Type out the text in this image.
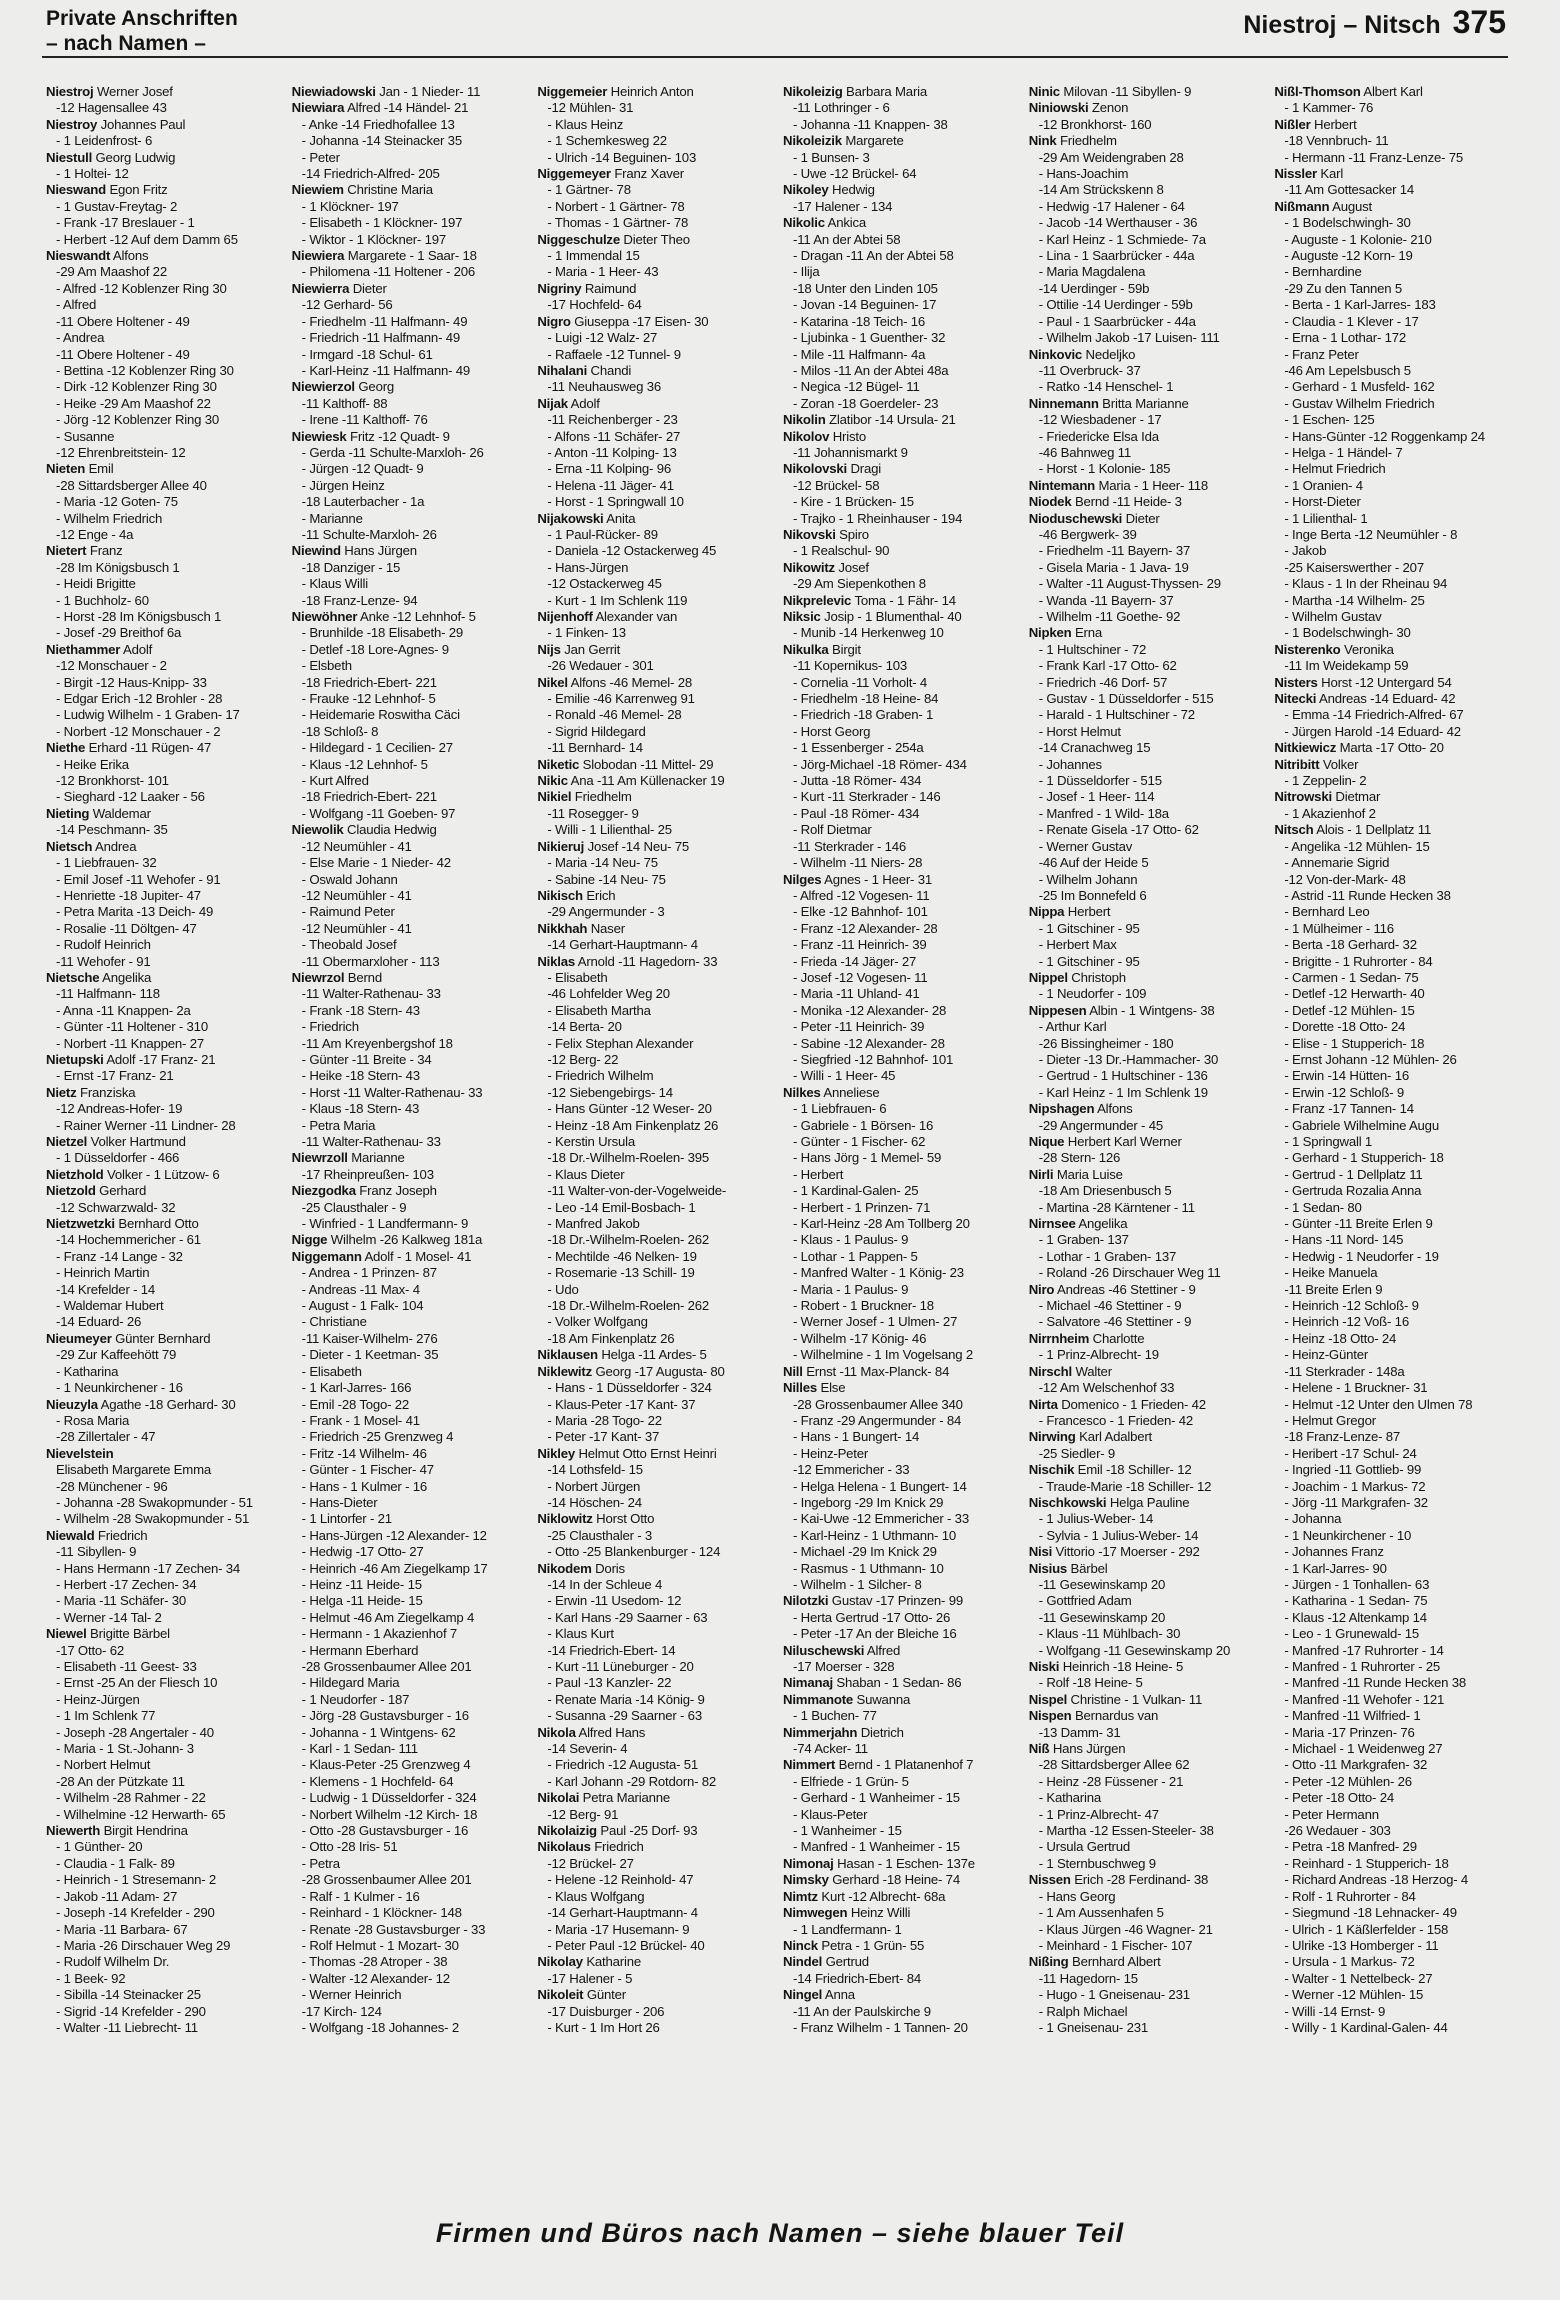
Private Anschriften
– nach Namen –
Niestroj – Nitsch 375
Niestroj Werner Josef
-12 Hagensallee 43
Niestroy Johannes Paul
- 1 Leidenfrost- 6
Niestull Georg Ludwig
- 1 Holtei- 12
Nieswand Egon Fritz
- 1 Gustav-Freytag- 2
- Frank -17 Breslauer - 1
- Herbert -12 Auf dem Damm 65
Nieswandt Alfons
-29 Am Maashof 22
- Alfred -12 Koblenzer Ring 30
- Alfred
-11 Obere Holtener - 49
- Andrea
-11 Obere Holtener - 49
- Bettina -12 Koblenzer Ring 30
- Dirk -12 Koblenzer Ring 30
- Heike -29 Am Maashof 22
- Jörg -12 Koblenzer Ring 30
- Susanne
-12 Ehrenbreitstein- 12
Nieten Emil
-28 Sittardsberger Allee 40
- Maria -12 Goten- 75
- Wilhelm Friedrich
-12 Enge - 4a
Nietert Franz
-28 Im Königsbusch 1
- Heidi Brigitte
- 1 Buchholz- 60
- Horst -28 Im Königsbusch 1
- Josef -29 Breithof 6a
Niethammer Adolf
-12 Monschauer - 2
- Birgit -12 Haus-Knipp- 33
- Edgar Erich -12 Brohler - 28
- Ludwig Wilhelm - 1 Graben- 17
- Norbert -12 Monschauer - 2
Niethe Erhard -11 Rügen- 47
- Heike Erika
-12 Bronkhorst- 101
- Sieghard -12 Laaker - 56
Nieting Waldemar
-14 Peschmann- 35
Nietsch Andrea
- 1 Liebfrauen- 32
- Emil Josef -11 Wehofer - 91
- Henriette -18 Jupiter- 47
- Petra Marita -13 Deich- 49
- Rosalie -11 Döltgen- 47
- Rudolf Heinrich
-11 Wehofer - 91
Nietsche Angelika
-11 Halfmann- 118
- Anna -11 Knappen- 2a
- Günter -11 Holtener - 310
- Norbert -11 Knappen- 27
Nietupski Adolf -17 Franz- 21
- Ernst -17 Franz- 21
Nietz Franziska
-12 Andreas-Hofer- 19
- Rainer Werner -11 Lindner- 28
Nietzel Volker Hartmund
- 1 Düsseldorfer - 466
Nietzhold Volker - 1 Lützow- 6
Nietzold Gerhard
-12 Schwarzwald- 32
Nietzwetzki Bernhard Otto
-14 Hochemmericher - 61
- Franz -14 Lange - 32
- Heinrich Martin
-14 Krefelder - 14
- Waldemar Hubert
-14 Eduard- 26
Nieumeyer Günter Bernhard
-29 Zur Kaffeehött 79
- Katharina
- 1 Neunkirchener - 16
Nieuzyla Agathe -18 Gerhard- 30
- Rosa Maria
-28 Zillertaler - 47
Nievelstein
Elisabeth Margarete Emma
-28 Münchener - 96
- Johanna -28 Swakopmunder - 51
- Wilhelm -28 Swakopmunder - 51
Niewald Friedrich
-11 Sibyllen- 9
- Hans Hermann -17 Zechen- 34
- Herbert -17 Zechen- 34
- Maria -11 Schäfer- 30
- Werner -14 Tal- 2
Niewel Brigitte Bärbel
-17 Otto- 62
- Elisabeth -11 Geest- 33
- Ernst -25 An der Fliesch 10
- Heinz-Jürgen
- 1 Im Schlenk 77
- Joseph -28 Angertaler - 40
- Maria - 1 St.-Johann- 3
- Norbert Helmut
-28 An der Pützkate 11
- Wilhelm -28 Rahmer - 22
- Wilhelmine -12 Herwarth- 65
Niewerth Birgit Hendrina
- 1 Günther- 20
- Claudia - 1 Falk- 89
- Heinrich - 1 Stresemann- 2
- Jakob -11 Adam- 27
- Joseph -14 Krefelder - 290
- Maria -11 Barbara- 67
- Maria -26 Dirschauer Weg 29
- Rudolf Wilhelm Dr.
- 1 Beek- 92
- Sibilla -14 Steinacker 25
- Sigrid -14 Krefelder - 290
- Walter -11 Liebrecht- 11
Niewiadowski Jan - 1 Nieder- 11
Niewiara Alfred -14 Händel- 21
- Anke -14 Friedhofallee 13
- Johanna -14 Steinacker 35
- Peter
-14 Friedrich-Alfred- 205
Niewiem Christine Maria
- 1 Klöckner- 197
- Elisabeth - 1 Klöckner- 197
- Wiktor - 1 Klöckner- 197
Niewiera Margarete - 1 Saar- 18
- Philomena -11 Holtener - 206
Niewierra Dieter
-12 Gerhard- 56
- Friedhelm -11 Halfmann- 49
- Friedrich -11 Halfmann- 49
- Irmgard -18 Schul- 61
- Karl-Heinz -11 Halfmann- 49
Niewierzol Georg
-11 Kalthoff- 88
- Irene -11 Kalthoff- 76
Niewiesk Fritz -12 Quadt- 9
- Gerda -11 Schulte-Marxloh- 26
- Jürgen -12 Quadt- 9
- Jürgen Heinz
-18 Lauterbacher - 1a
- Marianne
-11 Schulte-Marxloh- 26
Niewind Hans Jürgen
-18 Danziger - 15
- Klaus Willi
-18 Franz-Lenze- 94
Niewöhner Anke -12 Lehnhof- 5
- Brunhilde -18 Elisabeth- 29
- Detlef -18 Lore-Agnes- 9
- Elsbeth
-18 Friedrich-Ebert- 221
- Frauke -12 Lehnhof- 5
- Heidemarie Roswitha Cäci
-18 Schloß- 8
- Hildegard - 1 Cecilien- 27
- Klaus -12 Lehnhof- 5
- Kurt Alfred
-18 Friedrich-Ebert- 221
- Wolfgang -11 Goeben- 97
Niewolik Claudia Hedwig
-12 Neumühler - 41
- Else Marie - 1 Nieder- 42
- Oswald Johann
-12 Neumühler - 41
- Raimund Peter
-12 Neumühler - 41
- Theobald Josef
-11 Obermarxloher - 113
Niewrzol Bernd
-11 Walter-Rathenau- 33
- Frank -18 Stern- 43
- Friedrich
-11 Am Kreyenbergshof 18
- Günter -11 Breite - 34
- Heike -18 Stern- 43
- Horst -11 Walter-Rathenau- 33
- Klaus -18 Stern- 43
- Petra Maria
-11 Walter-Rathenau- 33
Niewrzoll Marianne
-17 Rheinpreußen- 103
Niezgodka Franz Joseph
-25 Clausthaler - 9
- Winfried - 1 Landfermann- 9
Nigge Wilhelm -26 Kalkweg 181a
Niggemann Adolf - 1 Mosel- 41
- Andrea - 1 Prinzen- 87
- Andreas -11 Max- 4
- August - 1 Falk- 104
- Christiane
-11 Kaiser-Wilhelm- 276
- Dieter - 1 Keetman- 35
- Elisabeth
- 1 Karl-Jarres- 166
- Emil -28 Togo- 22
- Frank - 1 Mosel- 41
- Friedrich -25 Grenzweg 4
- Fritz -14 Wilhelm- 46
- Günter - 1 Fischer- 47
- Hans - 1 Kulmer - 16
- Hans-Dieter
- 1 Lintorfer - 21
- Hans-Jürgen -12 Alexander- 12
- Hedwig -17 Otto- 27
- Heinrich -46 Am Ziegelkamp 17
- Heinz -11 Heide- 15
- Helga -11 Heide- 15
- Helmut -46 Am Ziegelkamp 4
- Hermann - 1 Akazienhof 7
- Hermann Eberhard
-28 Grossenbaumer Allee 201
- Hildegard Maria
- 1 Neudorfer - 187
- Jörg -28 Gustavsburger - 16
- Johanna - 1 Wintgens- 62
- Karl - 1 Sedan- 111
- Klaus-Peter -25 Grenzweg 4
- Klemens - 1 Hochfeld- 64
- Ludwig - 1 Düsseldorfer - 324
- Norbert Wilhelm -12 Kirch- 18
- Otto -28 Gustavsburger - 16
- Otto -28 Iris- 51
- Petra
-28 Grossenbaumer Allee 201
- Ralf - 1 Kulmer - 16
- Reinhard - 1 Klöckner- 148
- Renate -28 Gustavsburger - 33
- Rolf Helmut - 1 Mozart- 30
- Thomas -28 Atroper - 38
- Walter -12 Alexander- 12
- Werner Heinrich
-17 Kirch- 124
- Wolfgang -18 Johannes- 2
Niggemeier Heinrich Anton
-12 Mühlen- 31
- Klaus Heinz
- 1 Schemkesweg 22
- Ulrich -14 Beguinen- 103
Niggemeyer Franz Xaver
- 1 Gärtner- 78
- Norbert - 1 Gärtner- 78
- Thomas - 1 Gärtner- 78
Niggeschulze Dieter Theo
- 1 Immendal 15
- Maria - 1 Heer- 43
Nigriny Raimund
-17 Hochfeld- 64
Nigro Giuseppa -17 Eisen- 30
- Luigi -12 Walz- 27
- Raffaele -12 Tunnel- 9
Nihalani Chandi
-11 Neuhausweg 36
Nijak Adolf
-11 Reichenberger - 23
- Alfons -11 Schäfer- 27
- Anton -11 Kolping- 13
- Erna -11 Kolping- 96
- Helena -11 Jäger- 41
- Horst - 1 Springwall 10
Nijakowski Anita
- 1 Paul-Rücker- 89
- Daniela -12 Ostackerweg 45
- Hans-Jürgen
-12 Ostackerweg 45
- Kurt - 1 Im Schlenk 119
Nijenhoff Alexander van
- 1 Finken- 13
Nijs Jan Gerrit
-26 Wedauer - 301
Nikel Alfons -46 Memel- 28
- Emilie -46 Karrenweg 91
- Ronald -46 Memel- 28
- Sigrid Hildegard
-11 Bernhard- 14
Niketic Slobodan -11 Mittel- 29
Nikic Ana -11 Am Küllenacker 19
Nikiel Friedhelm
-11 Rosegger- 9
- Willi - 1 Lilienthal- 25
Nikieruj Josef -14 Neu- 75
- Maria -14 Neu- 75
- Sabine -14 Neu- 75
Nikisch Erich
-29 Angermunder - 3
Nikkhah Naser
-14 Gerhart-Hauptmann- 4
Niklas Arnold -11 Hagedorn- 33
- Elisabeth
-46 Lohfelder Weg 20
- Elisabeth Martha
-14 Berta- 20
- Felix Stephan Alexander
-12 Berg- 22
- Friedrich Wilhelm
-12 Siebengebirgs- 14
- Hans Günter -12 Weser- 20
- Heinz -18 Am Finkenplatz 26
- Kerstin Ursula
-18 Dr.-Wilhelm-Roelen- 395
- Klaus Dieter
-11 Walter-von-der-Vogelweide-
- Leo -14 Emil-Bosbach- 1
- Manfred Jakob
-18 Dr.-Wilhelm-Roelen- 262
- Mechtilde -46 Nelken- 19
- Rosemarie -13 Schill- 19
- Udo
-18 Dr.-Wilhelm-Roelen- 262
- Volker Wolfgang
-18 Am Finkenplatz 26
Niklausen Helga -11 Ardes- 5
Niklewitz Georg -17 Augusta- 80
- Hans - 1 Düsseldorfer - 324
- Klaus-Peter -17 Kant- 37
- Maria -28 Togo- 22
- Peter -17 Kant- 37
Nikley Helmut Otto Ernst Heinri
-14 Lothsfeld- 15
- Norbert Jürgen
-14 Höschen- 24
Niklowitz Horst Otto
-25 Clausthaler - 3
- Otto -25 Blankenburger - 124
Nikodem Doris
-14 In der Schleue 4
- Erwin -11 Usedom- 12
- Karl Hans -29 Saarner - 63
- Klaus Kurt
-14 Friedrich-Ebert- 14
- Kurt -11 Lüneburger - 20
- Paul -13 Kanzler- 22
- Renate Maria -14 König- 9
- Susanna -29 Saarner - 63
Nikola Alfred Hans
-14 Severin- 4
- Friedrich -12 Augusta- 51
- Karl Johann -29 Rotdorn- 82
Nikolai Petra Marianne
-12 Berg- 91
Nikolaizig Paul -25 Dorf- 93
Nikolaus Friedrich
-12 Brückel- 27
- Helene -12 Reinhold- 47
- Klaus Wolfgang
-14 Gerhart-Hauptmann- 4
- Maria -17 Husemann- 9
- Peter Paul -12 Brückel- 40
Nikolay Katharine
-17 Halener - 5
Nikoleit Günter
-17 Duisburger - 206
- Kurt - 1 Im Hort 26
Nikoleizig Barbara Maria
-11 Lothringer - 6
- Johanna -11 Knappen- 38
Nikoleizik Margarete
- 1 Bunsen- 3
- Uwe -12 Brückel- 64
Nikoley Hedwig
-17 Halener - 134
Nikolic Ankica
-11 An der Abtei 58
- Dragan -11 An der Abtei 58
- Ilija
-18 Unter den Linden 105
- Jovan -14 Beguinen- 17
- Katarina -18 Teich- 16
- Ljubinka - 1 Guenther- 32
- Mile -11 Halfmann- 4a
- Milos -11 An der Abtei 48a
- Negica -12 Bügel- 11
- Zoran -18 Goerdeler- 23
Nikolin Zlatibor -14 Ursula- 21
Nikolov Hristo
-11 Johannismarkt 9
Nikolovski Dragi
-12 Brückel- 58
- Kire - 1 Brücken- 15
- Trajko - 1 Rheinhauser - 194
Nikovski Spiro
- 1 Realschul- 90
Nikowitz Josef
-29 Am Siepenkothen 8
Nikprelevic Toma - 1 Fähr- 14
Niksic Josip - 1 Blumenthal- 40
- Munib -14 Herkenweg 10
Nikulka Birgit
-11 Kopernikus- 103
- Cornelia -11 Vorholt- 4
- Friedhelm -18 Heine- 84
- Friedrich -18 Graben- 1
- Horst Georg
- 1 Essenberger - 254a
- Jörg-Michael -18 Römer- 434
- Jutta -18 Römer- 434
- Kurt -11 Sterkrader - 146
- Paul -18 Römer- 434
- Rolf Dietmar
-11 Sterkrader - 146
- Wilhelm -11 Niers- 28
Nilges Agnes - 1 Heer- 31
- Alfred -12 Vogesen- 11
- Elke -12 Bahnhof- 101
- Franz -12 Alexander- 28
- Franz -11 Heinrich- 39
- Frieda -14 Jäger- 27
- Josef -12 Vogesen- 11
- Maria -11 Uhland- 41
- Monika -12 Alexander- 28
- Peter -11 Heinrich- 39
- Sabine -12 Alexander- 28
- Siegfried -12 Bahnhof- 101
- Willi - 1 Heer- 45
Nilkes Anneliese
- 1 Liebfrauen- 6
- Gabriele - 1 Börsen- 16
- Günter - 1 Fischer- 62
- Hans Jörg - 1 Memel- 59
- Herbert
- 1 Kardinal-Galen- 25
- Herbert - 1 Prinzen- 71
- Karl-Heinz -28 Am Tollberg 20
- Klaus - 1 Paulus- 9
- Lothar - 1 Pappen- 5
- Manfred Walter - 1 König- 23
- Maria - 1 Paulus- 9
- Robert - 1 Bruckner- 18
- Werner Josef - 1 Ulmen- 27
- Wilhelm -17 König- 46
- Wilhelmine - 1 Im Vogelsang 2
Nill Ernst -11 Max-Planck- 84
Nilles Else
-28 Grossenbaumer Allee 340
- Franz -29 Angermunder - 84
- Hans - 1 Bungert- 14
- Heinz-Peter
-12 Emmericher - 33
- Helga Helena - 1 Bungert- 14
- Ingeborg -29 Im Knick 29
- Kai-Uwe -12 Emmericher - 33
- Karl-Heinz - 1 Uthmann- 10
- Michael -29 Im Knick 29
- Rasmus - 1 Uthmann- 10
- Wilhelm - 1 Silcher- 8
Nilotzki Gustav -17 Prinzen- 99
- Herta Gertrud -17 Otto- 26
- Peter -17 An der Bleiche 16
Niluschewski Alfred
-17 Moerser - 328
Nimanaj Shaban - 1 Sedan- 86
Nimmanote Suwanna
- 1 Buchen- 77
Nimmerjahn Dietrich
-74 Acker- 11
Nimmert Bernd - 1 Platanenhof 7
- Elfriede - 1 Grün- 5
- Gerhard - 1 Wanheimer - 15
- Klaus-Peter
- 1 Wanheimer - 15
- Manfred - 1 Wanheimer - 15
Nimonaj Hasan - 1 Eschen- 137e
Nimsky Gerhard -18 Heine- 74
Nimtz Kurt -12 Albrecht- 68a
Nimwegen Heinz Willi
- 1 Landfermann- 1
Ninck Petra - 1 Grün- 55
Nindel Gertrud
-14 Friedrich-Ebert- 84
Ningel Anna
-11 An der Paulskirche 9
- Franz Wilhelm - 1 Tannen- 20
Ninic Milovan -11 Sibyllen- 9
Niniowski Zenon
-12 Bronkhorst- 160
Nink Friedhelm
-29 Am Weidengraben 28
- Hans-Joachim
-14 Am Strückskenn 8
- Hedwig -17 Halener - 64
- Jacob -14 Werthauser - 36
- Karl Heinz - 1 Schmiede- 7a
- Lina - 1 Saarbrücker - 44a
- Maria Magdalena
-14 Uerdinger - 59b
- Ottilie -14 Uerdinger - 59b
- Paul - 1 Saarbrücker - 44a
- Wilhelm Jakob -17 Luisen- 111
Ninkovic Nedeljko
-11 Overbruck- 37
- Ratko -14 Henschel- 1
Ninnemann Britta Marianne
-12 Wiesbadener - 17
- Friedericke Elsa Ida
-46 Bahnweg 11
- Horst - 1 Kolonie- 185
Nintemann Maria - 1 Heer- 118
Niodek Bernd -11 Heide- 3
Nioduschewski Dieter
-46 Bergwerk- 39
- Friedhelm -11 Bayern- 37
- Gisela Maria - 1 Java- 19
- Walter -11 August-Thyssen- 29
- Wanda -11 Bayern- 37
- Wilhelm -11 Goethe- 92
Nipken Erna
- 1 Hultschiner - 72
- Frank Karl -17 Otto- 62
- Friedrich -46 Dorf- 57
- Gustav - 1 Düsseldorfer - 515
- Harald - 1 Hultschiner - 72
- Horst Helmut
-14 Cranachweg 15
- Johannes
- 1 Düsseldorfer - 515
- Josef - 1 Heer- 114
- Manfred - 1 Wild- 18a
- Renate Gisela -17 Otto- 62
- Werner Gustav
-46 Auf der Heide 5
- Wilhelm Johann
-25 Im Bonnefeld 6
Nippa Herbert
- 1 Gitschiner - 95
- Herbert Max
- 1 Gitschiner - 95
Nippel Christoph
- 1 Neudorfer - 109
Nippesen Albin - 1 Wintgens- 38
- Arthur Karl
-26 Bissingheimer - 180
- Dieter -13 Dr.-Hammacher- 30
- Gertrud - 1 Hultschiner - 136
- Karl Heinz - 1 Im Schlenk 19
Nipshagen Alfons
-29 Angermunder - 45
Nique Herbert Karl Werner
-28 Stern- 126
Nirli Maria Luise
-18 Am Driesenbusch 5
- Martina -28 Kärntener - 11
Nirnsee Angelika
- 1 Graben- 137
- Lothar - 1 Graben- 137
- Roland -26 Dirschauer Weg 11
Niro Andreas -46 Stettiner - 9
- Michael -46 Stettiner - 9
- Salvatore -46 Stettiner - 9
Nirrnheim Charlotte
- 1 Prinz-Albrecht- 19
Nirschl Walter
-12 Am Welschenhof 33
Nirta Domenico - 1 Frieden- 42
- Francesco - 1 Frieden- 42
Nirwing Karl Adalbert
-25 Siedler- 9
Nischik Emil -18 Schiller- 12
- Traude-Marie -18 Schiller- 12
Nischkowski Helga Pauline
- 1 Julius-Weber- 14
- Sylvia - 1 Julius-Weber- 14
Nisi Vittorio -17 Moerser - 292
Nisius Bärbel
-11 Gesewinskamp 20
- Gottfried Adam
-11 Gesewinskamp 20
- Klaus -11 Mühlbach- 30
- Wolfgang -11 Gesewinskamp 20
Niski Heinrich -18 Heine- 5
- Rolf -18 Heine- 5
Nispel Christine - 1 Vulkan- 11
Nispen Bernardus van
-13 Damm- 31
Niß Hans Jürgen
-28 Sittardsberger Allee 62
- Heinz -28 Füssener - 21
- Katharina
- 1 Prinz-Albrecht- 47
- Martha -12 Essen-Steeler- 38
- Ursula Gertrud
- 1 Sternbuschweg 9
Nissen Erich -28 Ferdinand- 38
- Hans Georg
- 1 Am Aussenhafen 5
- Klaus Jürgen -46 Wagner- 21
- Meinhard - 1 Fischer- 107
Nißing Bernhard Albert
-11 Hagedorn- 15
- Hugo - 1 Gneisenau- 231
- Ralph Michael
- 1 Gneisenau- 231
Nißl-Thomson Albert Karl
- 1 Kammer- 76
Nißler Herbert
-18 Vennbruch- 11
- Hermann -11 Franz-Lenze- 75
Nissler Karl
-11 Am Gottesacker 14
Nißmann August
- 1 Bodelschwingh- 30
- Auguste - 1 Kolonie- 210
- Auguste -12 Korn- 19
- Bernhardine
-29 Zu den Tannen 5
- Berta - 1 Karl-Jarres- 183
- Claudia - 1 Klever - 17
- Erna - 1 Lothar- 172
- Franz Peter
-46 Am Lepelsbusch 5
- Gerhard - 1 Musfeld- 162
- Gustav Wilhelm Friedrich
- 1 Eschen- 125
- Hans-Günter -12 Roggenkamp 24
- Helga - 1 Händel- 7
- Helmut Friedrich
- 1 Oranien- 4
- Horst-Dieter
- 1 Lilienthal- 1
- Inge Berta -12 Neumühler - 8
- Jakob
-25 Kaiserswerther - 207
- Klaus - 1 In der Rheinau 94
- Martha -14 Wilhelm- 25
- Wilhelm Gustav
- 1 Bodelschwingh- 30
Nisterenko Veronika
-11 Im Weidekamp 59
Nisters Horst -12 Untergard 54
Nitecki Andreas -14 Eduard- 42
- Emma -14 Friedrich-Alfred- 67
- Jürgen Harold -14 Eduard- 42
Nitkiewicz Marta -17 Otto- 20
Nitribitt Volker
- 1 Zeppelin- 2
Nitrowski Dietmar
- 1 Akazienhof 2
Nitsch Alois - 1 Dellplatz 11
- Angelika -12 Mühlen- 15
- Annemarie Sigrid
-12 Von-der-Mark- 48
- Astrid -11 Runde Hecken 38
- Bernhard Leo
- 1 Mülheimer - 116
- Berta -18 Gerhard- 32
- Brigitte - 1 Ruhrorter - 84
- Carmen - 1 Sedan- 75
- Detlef -12 Herwarth- 40
- Detlef -12 Mühlen- 15
- Dorette -18 Otto- 24
- Elise - 1 Stupperich- 18
- Ernst Johann -12 Mühlen- 26
- Erwin -14 Hütten- 16
- Erwin -12 Schloß- 9
- Franz -17 Tannen- 14
- Gabriele Wilhelmine Augu
- 1 Springwall 1
- Gerhard - 1 Stupperich- 18
- Gertrud - 1 Dellplatz 11
- Gertruda Rozalia Anna
- 1 Sedan- 80
- Günter -11 Breite Erlen 9
- Hans -11 Nord- 145
- Hedwig - 1 Neudorfer - 19
- Heike Manuela
-11 Breite Erlen 9
- Heinrich -12 Schloß- 9
- Heinrich -12 Voß- 16
- Heinz -18 Otto- 24
- Heinz-Günter
-11 Sterkrader - 148a
- Helene - 1 Bruckner- 31
- Helmut -12 Unter den Ulmen 78
- Helmut Gregor
-18 Franz-Lenze- 87
- Heribert -17 Schul- 24
- Ingried -11 Gottlieb- 99
- Joachim - 1 Markus- 72
- Jörg -11 Markgrafen- 32
- Johanna
- 1 Neunkirchener - 10
- Johannes Franz
- 1 Karl-Jarres- 90
- Jürgen - 1 Tonhallen- 63
- Katharina - 1 Sedan- 75
- Klaus -12 Altenkamp 14
- Leo - 1 Grunewald- 15
- Manfred -17 Ruhrorter - 14
- Manfred - 1 Ruhrorter - 25
- Manfred -11 Runde Hecken 38
- Manfred -11 Wehofer - 121
- Manfred -11 Wilfried- 1
- Maria -17 Prinzen- 76
- Michael - 1 Weidenweg 27
- Otto -11 Markgrafen- 32
- Peter -12 Mühlen- 26
- Peter -18 Otto- 24
- Peter Hermann
-26 Wedauer - 303
- Petra -18 Manfred- 29
- Reinhard - 1 Stupperich- 18
- Richard Andreas -18 Herzog- 4
- Rolf - 1 Ruhrorter - 84
- Siegmund -18 Lehnacker- 49
- Ulrich - 1 Käßlerfelder - 158
- Ulrike -13 Homberger - 11
- Ursula - 1 Markus- 72
- Walter - 1 Nettelbeck- 27
- Werner -12 Mühlen- 15
- Willi -14 Ernst- 9
- Willy - 1 Kardinal-Galen- 44
Firmen und Büros nach Namen – siehe blauer Teil
